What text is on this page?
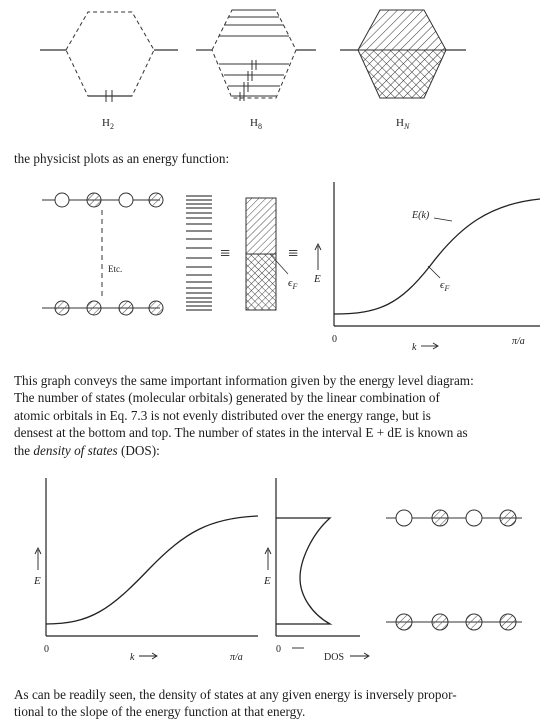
$H_2$	$H_8$	$H_N$

the physicist plots as an energy function:

Etc.
≡
$\epsilon_F$
≡
E
E(k)
$\epsilon_F$
0
k
π/a
This graph conveys the same important information given by the energy level diagram:
The number of states (molecular orbitals) generated by the linear combination of
atomic orbitals in Eq. 7.3 is not evenly distributed over the energy range, but is
densest at the bottom and top. The number of states in the interval E + dE is known as
the density of states (DOS):
E
0
k	π/a
E
0
DOS
As can be readily seen, the density of states at any given energy is inversely propor-
tional to the slope of the energy function at that energy.
